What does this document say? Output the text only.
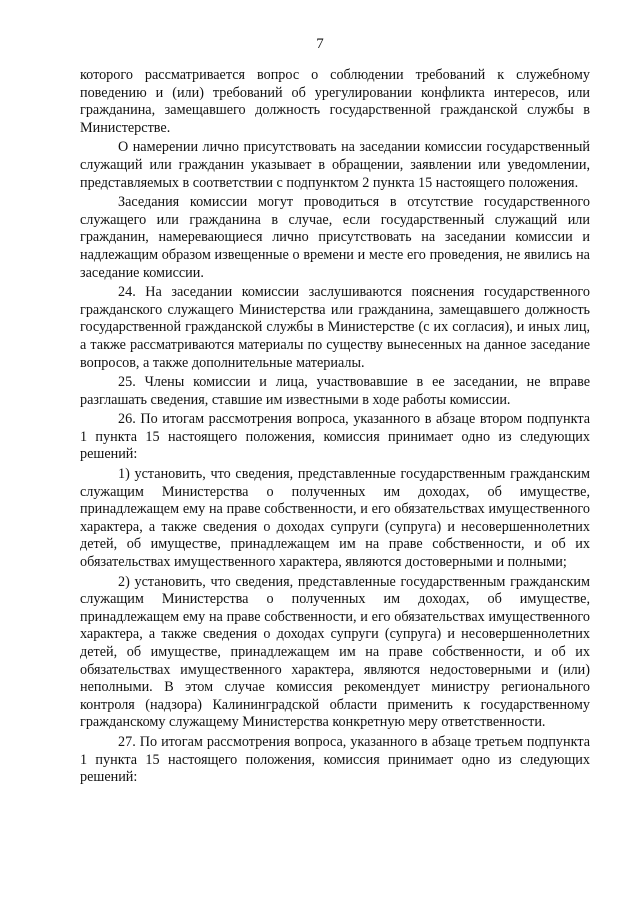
7

которого рассматривается вопрос о соблюдении требований к служебному поведению и (или) требований об урегулировании конфликта интересов, или гражданина, замещавшего должность государственной гражданской службы в Министерстве.

О намерении лично присутствовать на заседании комиссии государственный служащий или гражданин указывает в обращении, заявлении или уведомлении, представляемых в соответствии с подпунктом 2 пункта 15 настоящего положения.

Заседания комиссии могут проводиться в отсутствие государственного служащего или гражданина в случае, если государственный служащий или гражданин, намеревающиеся лично присутствовать на заседании комиссии и надлежащим образом извещенные о времени и месте его проведения, не явились на заседание комиссии.

24. На заседании комиссии заслушиваются пояснения государственного гражданского служащего Министерства или гражданина, замещавшего должность государственной гражданской службы в Министерстве (с их согласия), и иных лиц, а также рассматриваются материалы по существу вынесенных на данное заседание вопросов, а также дополнительные материалы.

25. Члены комиссии и лица, участвовавшие в ее заседании, не вправе разглашать сведения, ставшие им известными в ходе работы комиссии.

26. По итогам рассмотрения вопроса, указанного в абзаце втором подпункта 1 пункта 15 настоящего положения, комиссия принимает одно из следующих решений:

1) установить, что сведения, представленные государственным гражданским служащим Министерства о полученных им доходах, об имуществе, принадлежащем ему на праве собственности, и его обязательствах имущественного характера, а также сведения о доходах супруги (супруга) и несовершеннолетних детей, об имуществе, принадлежащем им на праве собственности, и об их обязательствах имущественного характера, являются достоверными и полными;

2) установить, что сведения, представленные государственным гражданским служащим Министерства о полученных им доходах, об имуществе, принадлежащем ему на праве собственности, и его обязательствах имущественного характера, а также сведения о доходах супруги (супруга) и несовершеннолетних детей, об имуществе, принадлежащем им на праве собственности, и об их обязательствах имущественного характера, являются недостоверными и (или) неполными. В этом случае комиссия рекомендует министру регионального контроля (надзора) Калининградской области применить к государственному гражданскому служащему Министерства конкретную меру ответственности.

27. По итогам рассмотрения вопроса, указанного в абзаце третьем подпункта 1 пункта 15 настоящего положения, комиссия принимает одно из следующих решений:
